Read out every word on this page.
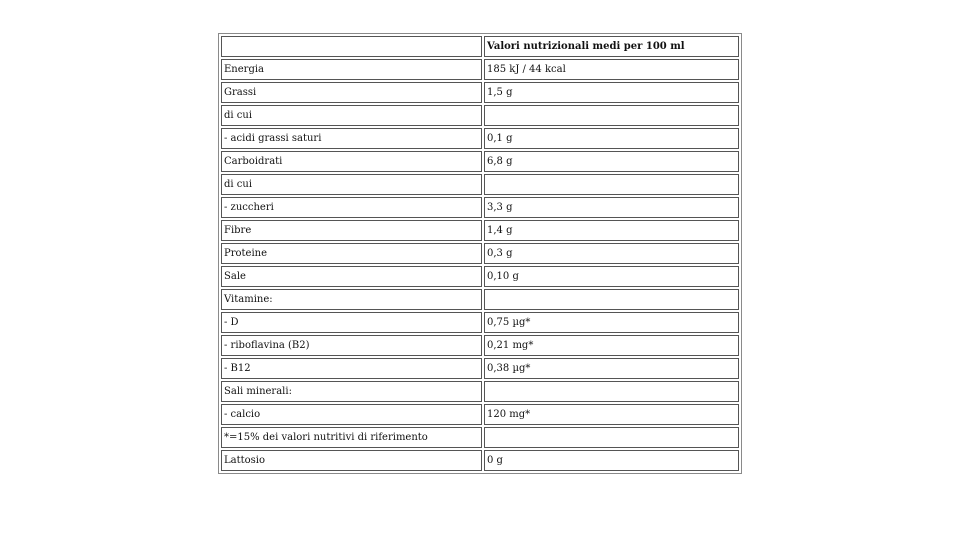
	Valori nutrizionali medi per 100 ml
Energia	185 kJ / 44 kcal
Grassi	1,5 g
di cui	
- acidi grassi saturi	0,1 g
Carboidrati	6,8 g
di cui	
- zuccheri	3,3 g
Fibre	1,4 g
Proteine	0,3 g
Sale	0,10 g
Vitamine:	
- D	0,75 µg*
- riboflavina (B2)	0,21 mg*
- B12	0,38 µg*
Sali minerali:	
- calcio	120 mg*
*=15% dei valori nutritivi di riferimento	
Lattosio	0 g
